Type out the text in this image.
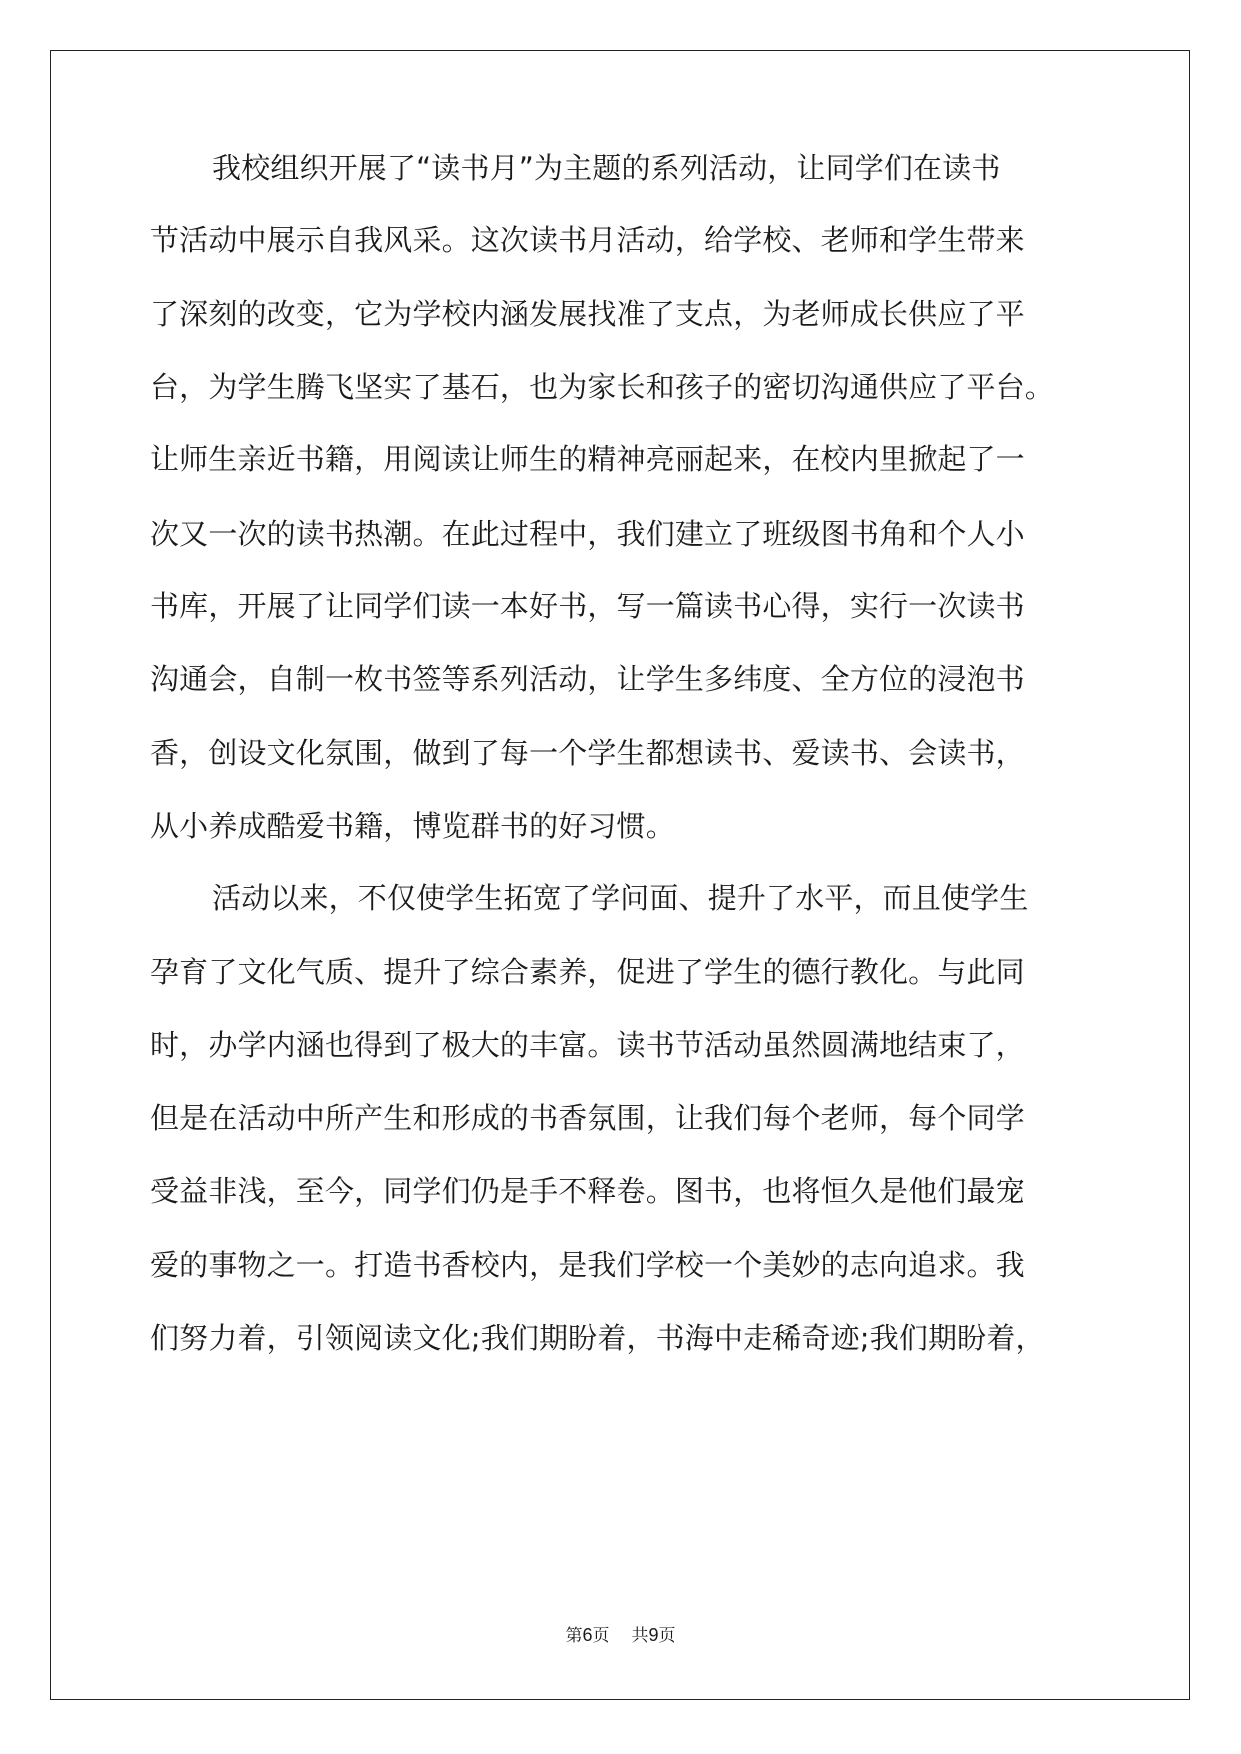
我校组织开展了“读书月”为主题的系列活动，让同学们在读书
节活动中展示自我风采。这次读书月活动，给学校、老师和学生带来
了深刻的改变，它为学校内涵发展找准了支点，为老师成长供应了平
台，为学生腾飞坚实了基石，也为家长和孩子的密切沟通供应了平台。
让师生亲近书籍，用阅读让师生的精神亮丽起来，在校内里掀起了一
次又一次的读书热潮。在此过程中，我们建立了班级图书角和个人小
书库，开展了让同学们读一本好书，写一篇读书心得，实行一次读书
沟通会，自制一枚书签等系列活动，让学生多纬度、全方位的浸泡书
香，创设文化氛围，做到了每一个学生都想读书、爱读书、会读书，
从小养成酷爱书籍，博览群书的好习惯。
活动以来，不仅使学生拓宽了学问面、提升了水平，而且使学生
孕育了文化气质、提升了综合素养，促进了学生的德行教化。与此同
时，办学内涵也得到了极大的丰富。读书节活动虽然圆满地结束了，
但是在活动中所产生和形成的书香氛围，让我们每个老师，每个同学
受益非浅，至今，同学们仍是手不释卷。图书，也将恒久是他们最宠
爱的事物之一。打造书香校内，是我们学校一个美妙的志向追求。我
们努力着，引领阅读文化;我们期盼着，书海中走稀奇迹;我们期盼着，
第6页 共9页
